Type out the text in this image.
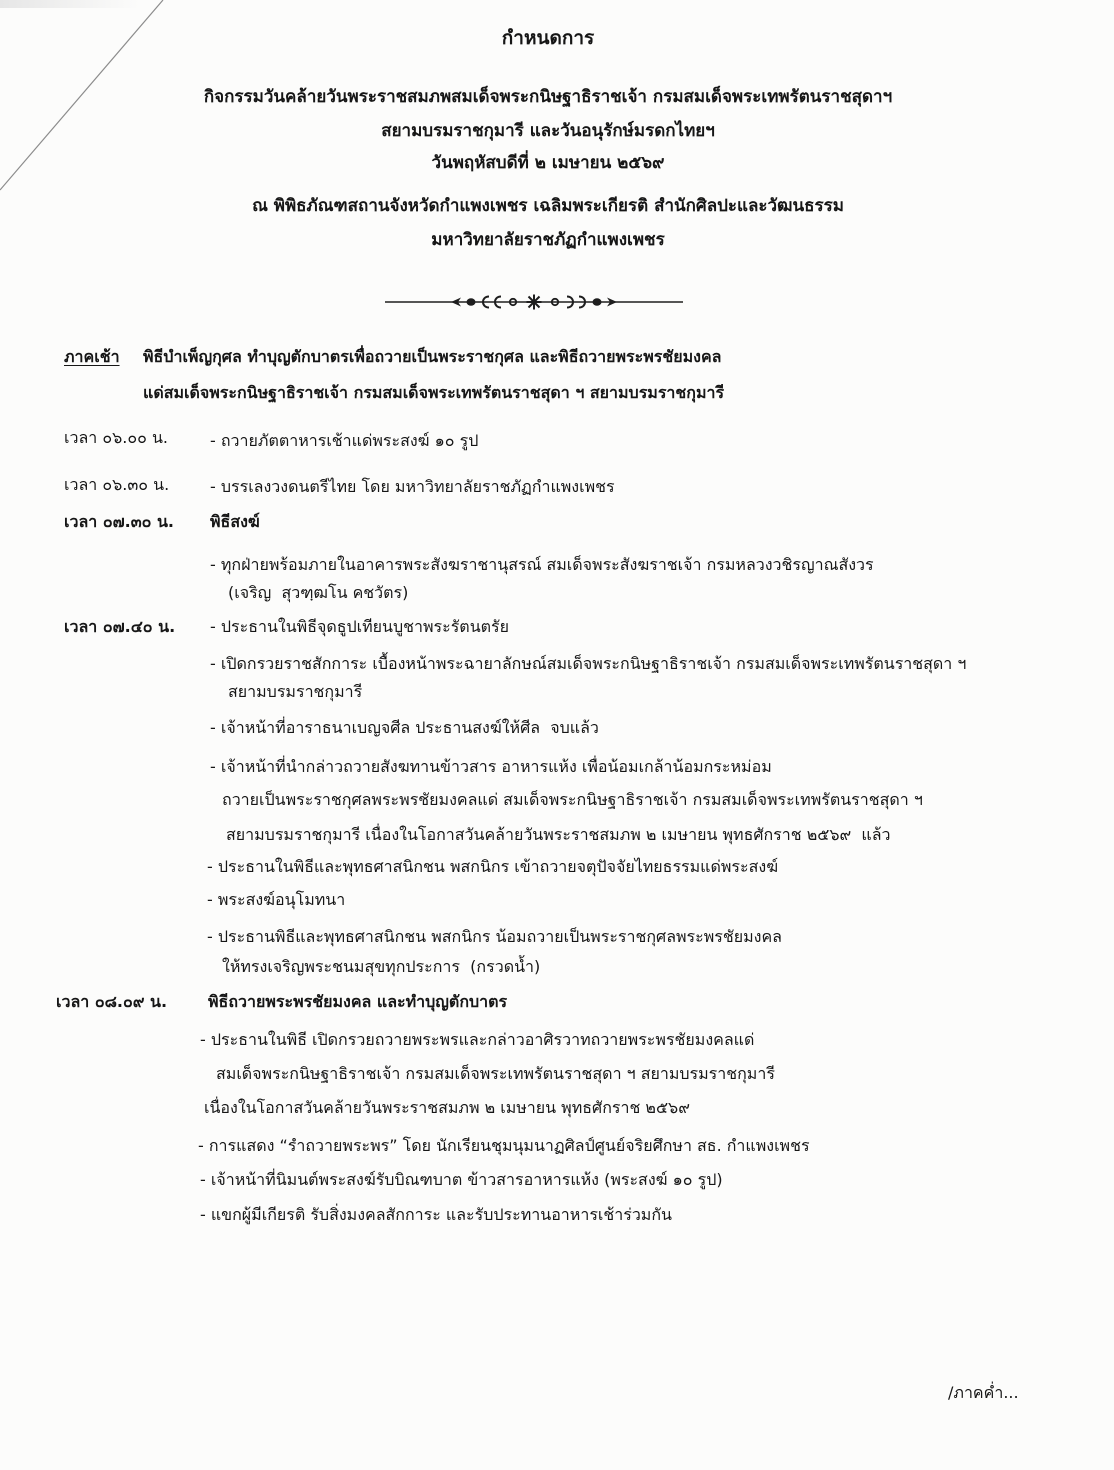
กำหนดการ
กิจกรรมวันคล้ายวันพระราชสมภพสมเด็จพระกนิษฐาธิราชเจ้า กรมสมเด็จพระเทพรัตนราชสุดาฯ
สยามบรมราชกุมารี และวันอนุรักษ์มรดกไทยฯ
วันพฤหัสบดีที่ ๒ เมษายน ๒๕๖๙
ณ พิพิธภัณฑสถานจังหวัดกำแพงเพชร เฉลิมพระเกียรติ สำนักศิลปะและวัฒนธรรม
มหาวิทยาลัยราชภัฏกำแพงเพชร
ภาคเช้า พิธีบำเพ็ญกุศล ทำบุญตักบาตรเพื่อถวายเป็นพระราชกุศล และพิธีถวายพระพรชัยมงคล
แด่สมเด็จพระกนิษฐาธิราชเจ้า กรมสมเด็จพระเทพรัตนราชสุดา ฯ สยามบรมราชกุมารี
เวลา ๐๖.๐๐ น.	- ถวายภัตตาหารเช้าแด่พระสงฆ์ ๑๐ รูป
เวลา ๐๖.๓๐ น.	- บรรเลงวงดนตรีไทย โดย มหาวิทยาลัยราชภัฏกำแพงเพชร
เวลา ๐๗.๓๐ น. พิธีสงฆ์
- ทุกฝ่ายพร้อมภายในอาคารพระสังฆราชานุสรณ์ สมเด็จพระสังฆราชเจ้า กรมหลวงวชิรญาณสังวร
(เจริญ  สุวฑฺฒโน คชวัตร)
เวลา ๐๗.๔๐ น. - ประธานในพิธีจุดธูปเทียนบูชาพระรัตนตรัย
- เปิดกรวยราชสักการะ เบื้องหน้าพระฉายาลักษณ์สมเด็จพระกนิษฐาธิราชเจ้า กรมสมเด็จพระเทพรัตนราชสุดา ฯ
สยามบรมราชกุมารี
- เจ้าหน้าที่อาราธนาเบญจศีล ประธานสงฆ์ให้ศีล  จบแล้ว
- เจ้าหน้าที่นำกล่าวถวายสังฆทานข้าวสาร อาหารแห้ง เพื่อน้อมเกล้าน้อมกระหม่อม
ถวายเป็นพระราชกุศลพระพรชัยมงคลแด่ สมเด็จพระกนิษฐาธิราชเจ้า กรมสมเด็จพระเทพรัตนราชสุดา ฯ
สยามบรมราชกุมารี เนื่องในโอกาสวันคล้ายวันพระราชสมภพ ๒ เมษายน พุทธศักราช ๒๕๖๙  แล้ว
- ประธานในพิธีและพุทธศาสนิกชน พสกนิกร เข้าถวายจตุปัจจัยไทยธรรมแด่พระสงฆ์
- พระสงฆ์อนุโมทนา
- ประธานพิธีและพุทธศาสนิกชน พสกนิกร น้อมถวายเป็นพระราชกุศลพระพรชัยมงคล
ให้ทรงเจริญพระชนมสุขทุกประการ  (กรวดน้ำ)
เวลา ๐๘.๐๙ น.	พิธีถวายพระพรชัยมงคล และทำบุญตักบาตร
- ประธานในพิธี เปิดกรวยถวายพระพรและกล่าวอาศิรวาทถวายพระพรชัยมงคลแด่
สมเด็จพระกนิษฐาธิราชเจ้า กรมสมเด็จพระเทพรัตนราชสุดา ฯ สยามบรมราชกุมารี
เนื่องในโอกาสวันคล้ายวันพระราชสมภพ ๒ เมษายน พุทธศักราช ๒๕๖๙
- การแสดง “รำถวายพระพร” โดย นักเรียนชุมนุมนาฏศิลป์ศูนย์จริยศึกษา สธ. กำแพงเพชร
- เจ้าหน้าที่นิมนต์พระสงฆ์รับบิณฑบาต ข้าวสารอาหารแห้ง (พระสงฆ์ ๑๐ รูป)
- แขกผู้มีเกียรติ รับสิ่งมงคลสักการะ และรับประทานอาหารเช้าร่วมกัน
/ภาคค่ำ...
